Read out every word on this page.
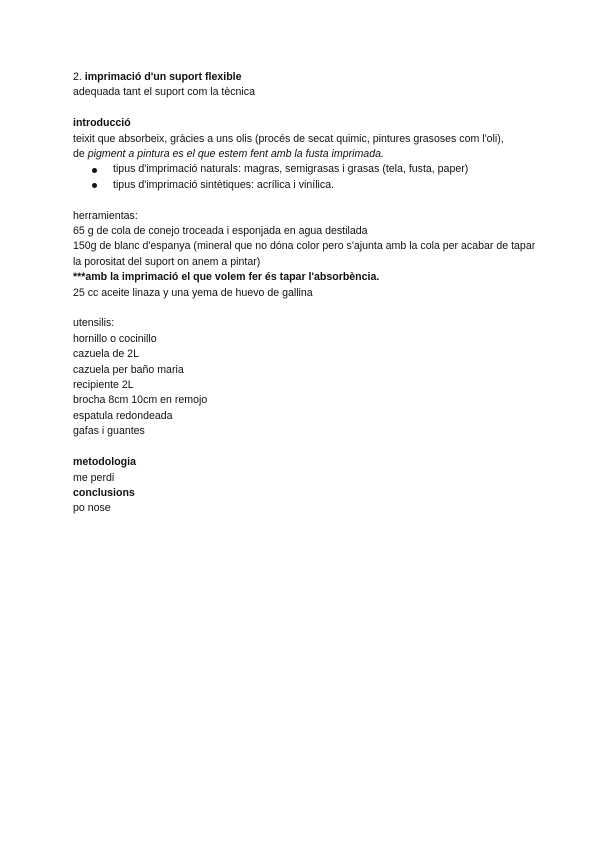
2. imprimació d'un suport flexible
adequada tant el suport com la tècnica
introducció
teixit que absorbeix, gràcies a uns olis (procés de secat quimic, pintures grasoses com l'oli),
de pigment a pintura es el que estem fent amb la fusta imprimada.
tipus d'imprimació naturals: magras, semigrasas i grasas (tela, fusta, paper)
tipus d'imprimació sintètiques: acrílica i vinílica.
herramientas:
65 g de cola de conejo troceada i esponjada en agua destilada
150g de blanc d'espanya (mineral que no dóna color pero s'ajunta amb la cola per acabar de tapar la porositat del suport on anem a pintar)
***amb la imprimació el que volem fer és tapar l'absorbència.
25 cc aceite linaza y una yema de huevo de gallina
utensilis:
hornillo o cocinillo
cazuela de 2L
cazuela per baño maria
recipiente 2L
brocha 8cm 10cm en remojo
espatula redondeada
gafas i guantes
metodologia
me perdi
conclusions
po nose
